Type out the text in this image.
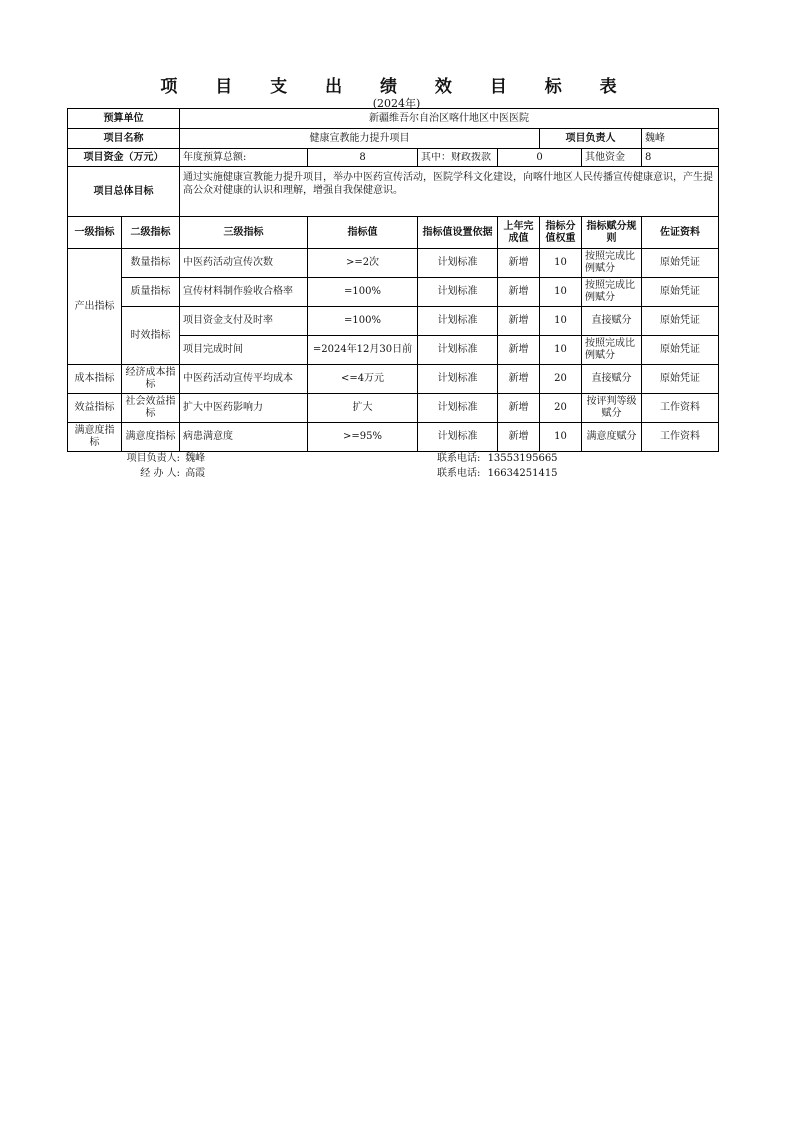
项 目 支 出 绩 效 目 标 表
(2024年)
预算单位		新疆维吾尔自治区喀什地区中医医院						
项目名称		健康宣教能力提升项目				项目负责人		魏峰
项目资金（万元）		年度预算总额:	8	其中：财政拨款	0		其他资金	8
项目总体目标		通过实施健康宣教能力提升项目，举办中医药宣传活动，医院学科文化建设，向喀什地区人民传播宣传健康意识，产生提高公众对健康的认识和理解，增强自我保健意识。						
一级指标	二级指标	三级指标	指标值	指标值设置依据	上年完成值	指标分值权重	指标赋分规则	佐证资料
产出指标	数量指标	中医药活动宣传次数	>=2次	计划标准	新增	10	按照完成比例赋分	原始凭证
	质量指标	宣传材料制作验收合格率	=100%	计划标准	新增	10	按照完成比例赋分	原始凭证
	时效指标	项目资金支付及时率	=100%	计划标准	新增	10	直接赋分	原始凭证
		项目完成时间	=2024年12月30日前	计划标准	新增	10	按照完成比例赋分	原始凭证
成本指标	经济成本指标	中医药活动宣传平均成本	<=4万元	计划标准	新增	20	直接赋分	原始凭证
效益指标	社会效益指标	扩大中医药影响力	扩大	计划标准	新增	20	按评判等级赋分	工作资料
满意度指标	满意度指标	病患满意度	>=95%	计划标准	新增	10	满意度赋分	工作资料
项目负责人: 魏峰
经 办 人: 高霞
联系电话: 13553195665
联系电话: 16634251415
